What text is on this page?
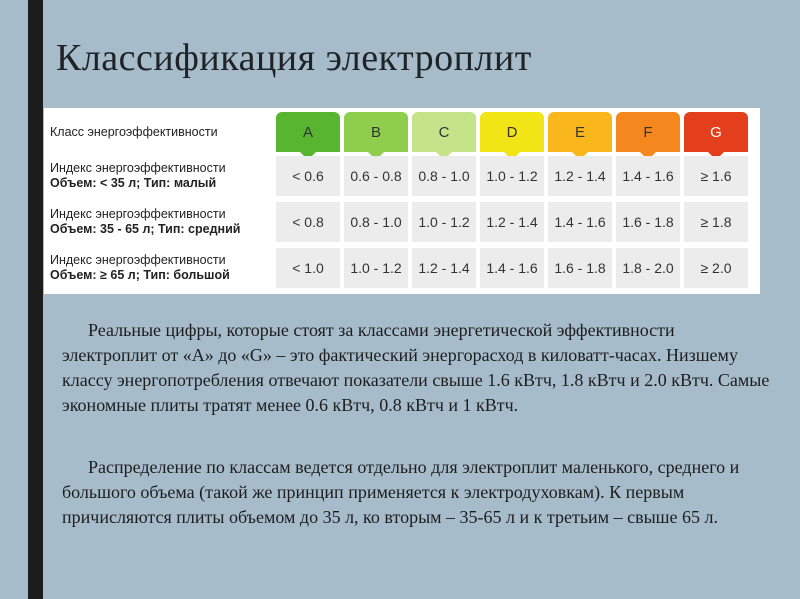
Классификация электроплит
Класс энергоэффективности	A	B	C	D	E	F	G
Индекс энергоэффективности
Объем: < 35 л; Тип: малый	< 0.6	0.6 - 0.8	0.8 - 1.0	1.0 - 1.2	1.2 - 1.4	1.4 - 1.6	≥ 1.6
Индекс энергоэффективности
Объем: 35 - 65 л; Тип: средний	< 0.8	0.8 - 1.0	1.0 - 1.2	1.2 - 1.4	1.4 - 1.6	1.6 - 1.8	≥ 1.8
Индекс энергоэффективности
Объем: ≥ 65 л; Тип: большой	< 1.0	1.0 - 1.2	1.2 - 1.4	1.4 - 1.6	1.6 - 1.8	1.8 - 2.0	≥ 2.0

Реальные цифры, которые стоят за классами энергетической эффективности электроплит от «А» до «G» – это фактический энергорасход в киловатт-часах. Низшему классу энергопотребления отвечают показатели свыше 1.6 кВтч, 1.8 кВтч и 2.0 кВтч. Самые экономные плиты тратят менее 0.6 кВтч, 0.8 кВтч и 1 кВтч.

Распределение по классам ведется отдельно для электроплит маленького, среднего и большого объема (такой же принцип применяется к электродуховкам). К первым причисляются плиты объемом до 35 л, ко вторым – 35-65 л и к третьим – свыше 65 л.
